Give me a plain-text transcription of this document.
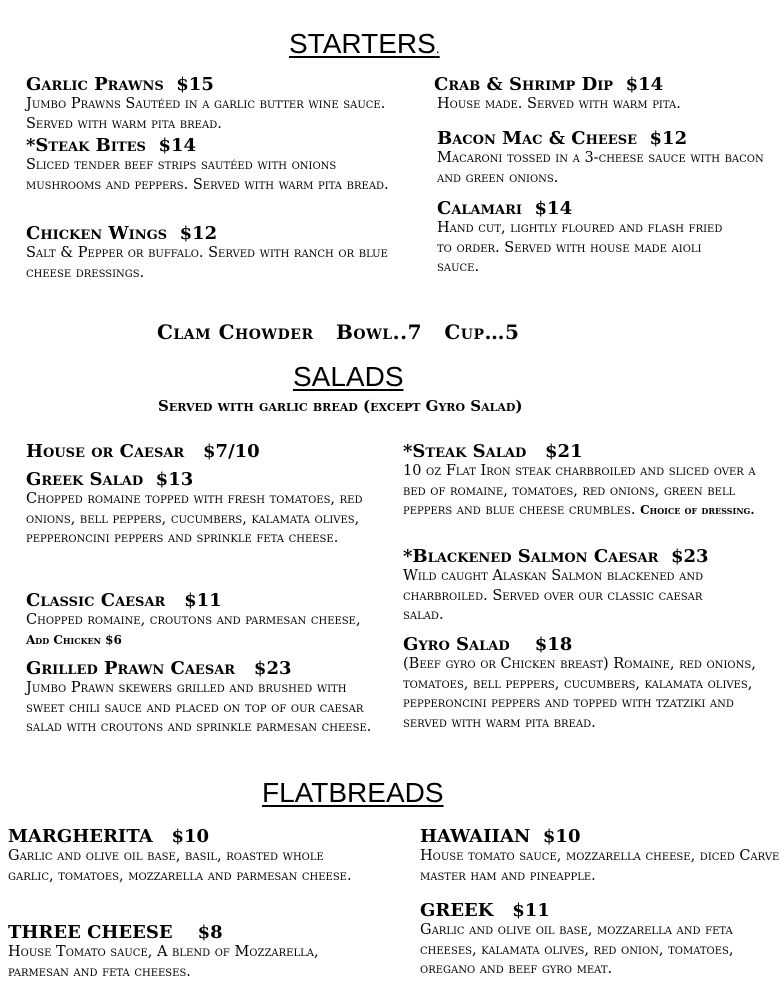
STARTERS.
Garlic Prawns  $15
Jumbo Prawns Sautéed in a garlic butter wine sauce. Served with warm pita bread.
*Steak Bites  $14
Sliced tender beef strips sautéed with onions mushrooms and peppers. Served with warm pita bread.
Chicken Wings  $12
Salt & Pepper or buffalo. Served with ranch or blue cheese dressings.
Crab & Shrimp Dip  $14
House made. Served with warm pita.
Bacon Mac & Cheese  $12
Macaroni tossed in a 3-cheese sauce with bacon and green onions.
Calamari  $14
Hand cut, lightly floured and flash fried to order. Served with house made aioli sauce.
Clam Chowder   Bowl..7   Cup…5
SALADS
Served with garlic bread (except Gyro Salad)
House or Caesar   $7/10
Greek Salad  $13
Chopped romaine topped with fresh tomatoes, red onions, bell peppers, cucumbers, kalamata olives, pepperoncini peppers and sprinkle feta cheese.
Classic Caesar   $11
Chopped romaine, croutons and parmesan cheese, Add Chicken $6
Grilled Prawn Caesar   $23
Jumbo Prawn skewers grilled and brushed with sweet chili sauce and placed on top of our caesar salad with croutons and sprinkle parmesan cheese.
*Steak Salad   $21
10 oz Flat Iron steak charbroiled and sliced over a bed of romaine, tomatoes, red onions, green bell peppers and blue cheese crumbles. Choice of dressing.
*Blackened Salmon Caesar  $23
Wild caught Alaskan Salmon blackened and charbroiled. Served over our classic caesar salad.
Gyro Salad    $18
(Beef gyro or Chicken breast) Romaine, red onions, tomatoes, bell peppers, cucumbers, kalamata olives, pepperoncini peppers and topped with tzatziki and served with warm pita bread.
FLATBREADS
MARGHERITA   $10
Garlic and olive oil base, basil, roasted whole garlic, tomatoes, mozzarella and parmesan cheese.
THREE CHEESE    $8
House Tomato sauce, A blend of Mozzarella, parmesan and feta cheeses.
HAWAIIAN  $10
House tomato sauce, mozzarella cheese, diced Carve master ham and pineapple.
GREEK   $11
Garlic and olive oil base, mozzarella and feta cheeses, kalamata olives, red onion, tomatoes, oregano and beef gyro meat.
